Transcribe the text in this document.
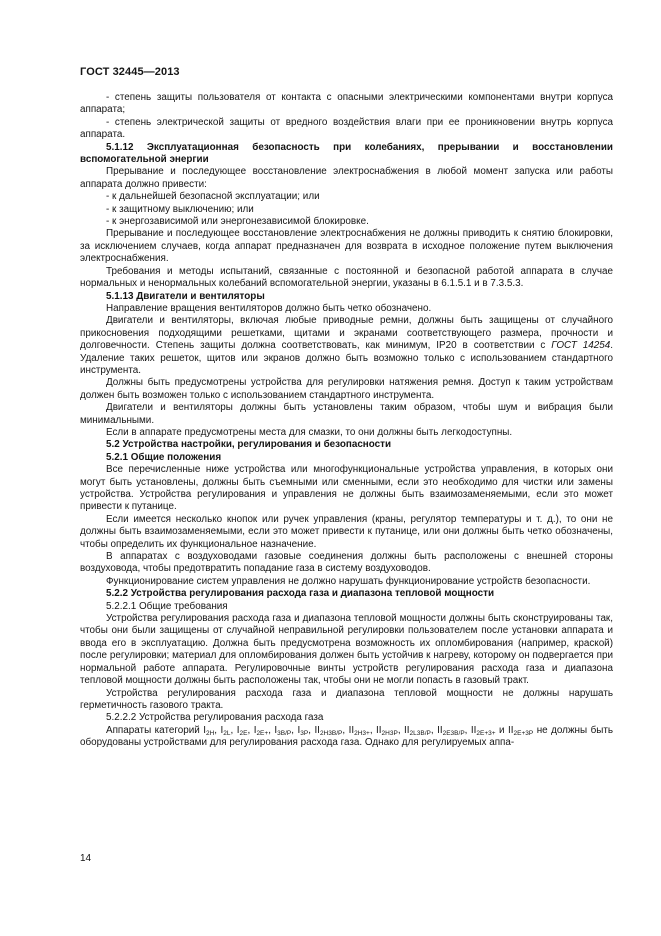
ГОСТ 32445—2013

- степень защиты пользователя от контакта с опасными электрическими компонентами внутри корпуса аппарата;

- степень электрической защиты от вредного воздействия влаги при ее проникновении внутрь корпуса аппарата.

5.1.12 Эксплуатационная безопасность при колебаниях, прерывании и восстановлении вспомогательной энергии

Прерывание и последующее восстановление электроснабжения в любой момент запуска или работы аппарата должно привести:

- к дальнейшей безопасной эксплуатации; или

- к защитному выключению; или

- к энергозависимой или энергонезависимой блокировке.

Прерывание и последующее восстановление электроснабжения не должны приводить к снятию блокировки, за исключением случаев, когда аппарат предназначен для возврата в исходное положение путем выключения электроснабжения.

Требования и методы испытаний, связанные с постоянной и безопасной работой аппарата в случае нормальных и ненормальных колебаний вспомогательной энергии, указаны в 6.1.5.1 и в 7.3.5.3.

5.1.13 Двигатели и вентиляторы

Направление вращения вентиляторов должно быть четко обозначено.

Двигатели и вентиляторы, включая любые приводные ремни, должны быть защищены от случайного прикосновения подходящими решетками, щитами и экранами соответствующего размера, прочности и долговечности. Степень защиты должна соответствовать, как минимум, IP20 в соответствии с ГОСТ 14254. Удаление таких решеток, щитов или экранов должно быть возможно только с использованием стандартного инструмента.

Должны быть предусмотрены устройства для регулировки натяжения ремня. Доступ к таким устройствам должен быть возможен только с использованием стандартного инструмента.

Двигатели и вентиляторы должны быть установлены таким образом, чтобы шум и вибрация были минимальными.

Если в аппарате предусмотрены места для смазки, то они должны быть легкодоступны.

5.2 Устройства настройки, регулирования и безопасности

5.2.1 Общие положения

Все перечисленные ниже устройства или многофункциональные устройства управления, в которых они могут быть установлены, должны быть съемными или сменными, если это необходимо для чистки или замены устройства. Устройства регулирования и управления не должны быть взаимозаменяемыми, если это может привести к путанице.

Если имеется несколько кнопок или ручек управления (краны, регулятор температуры и т. д.), то они не должны быть взаимозаменяемыми, если это может привести к путанице, или они должны быть четко обозначены, чтобы определить их функциональное назначение.

В аппаратах с воздуховодами газовые соединения должны быть расположены с внешней стороны воздуховода, чтобы предотвратить попадание газа в систему воздуховодов.

Функционирование систем управления не должно нарушать функционирование устройств безопасности.

5.2.2 Устройства регулирования расхода газа и диапазона тепловой мощности

5.2.2.1 Общие требования

Устройства регулирования расхода газа и диапазона тепловой мощности должны быть сконструированы так, чтобы они были защищены от случайной неправильной регулировки пользователем после установки аппарата и ввода его в эксплуатацию. Должна быть предусмотрена возможность их опломбирования (например, краской) после регулировки; материал для опломбирования должен быть устойчив к нагреву, которому он подвергается при нормальной работе аппарата. Регулировочные винты устройств регулирования расхода газа и диапазона тепловой мощности должны быть расположены так, чтобы они не могли попасть в газовый тракт.

Устройства регулирования расхода газа и диапазона тепловой мощности не должны нарушать герметичность газового тракта.

5.2.2.2 Устройства регулирования расхода газа

Аппараты категорий $I_{2H}$, $I_{2L}$, $I_{2E}$, $I_{2E+}$, $I_{3B/P}$, $I_{3P}$, $II_{2H3B/P}$, $II_{2H3+}$, $II_{2H3P}$, $II_{2L3B/P}$, $II_{2E3B/P}$, $II_{2E+3+}$ и $II_{2E+3P}$ не должны быть оборудованы устройствами для регулирования расхода газа. Однако для регулируемых аппа-

14
